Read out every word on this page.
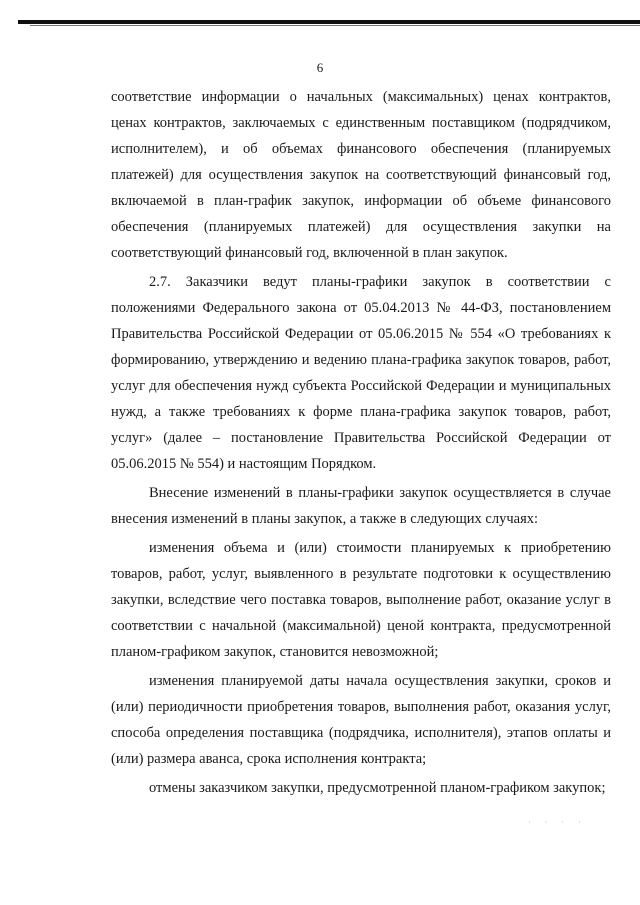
6

соответствие информации о начальных (максимальных) ценах контрактов, ценах контрактов, заключаемых с единственным поставщиком (подрядчиком, исполнителем), и об объемах финансового обеспечения (планируемых платежей) для осуществления закупок на соответствующий финансовый год, включаемой в план-график закупок, информации об объеме финансового обеспечения (планируемых платежей) для осуществления закупки на соответствующий финансовый год, включенной в план закупок.

2.7. Заказчики ведут планы-графики закупок в соответствии с положениями Федерального закона от 05.04.2013 № 44-ФЗ, постановлением Правительства Российской Федерации от 05.06.2015 № 554 «О требованиях к формированию, утверждению и ведению плана-графика закупок товаров, работ, услуг для обеспечения нужд субъекта Российской Федерации и муниципальных нужд, а также требованиях к форме плана-графика закупок товаров, работ, услуг» (далее – постановление Правительства Российской Федерации от 05.06.2015 № 554) и настоящим Порядком.

Внесение изменений в планы-графики закупок осуществляется в случае внесения изменений в планы закупок, а также в следующих случаях:

изменения объема и (или) стоимости планируемых к приобретению товаров, работ, услуг, выявленного в результате подготовки к осуществлению закупки, вследствие чего поставка товаров, выполнение работ, оказание услуг в соответствии с начальной (максимальной) ценой контракта, предусмотренной планом-графиком закупок, становится невозможной;

изменения планируемой даты начала осуществления закупки, сроков и (или) периодичности приобретения товаров, выполнения работ, оказания услуг, способа определения поставщика (подрядчика, исполнителя), этапов оплаты и (или) размера аванса, срока исполнения контракта;

отмены заказчиком закупки, предусмотренной планом-графиком закупок;

· · · ·
